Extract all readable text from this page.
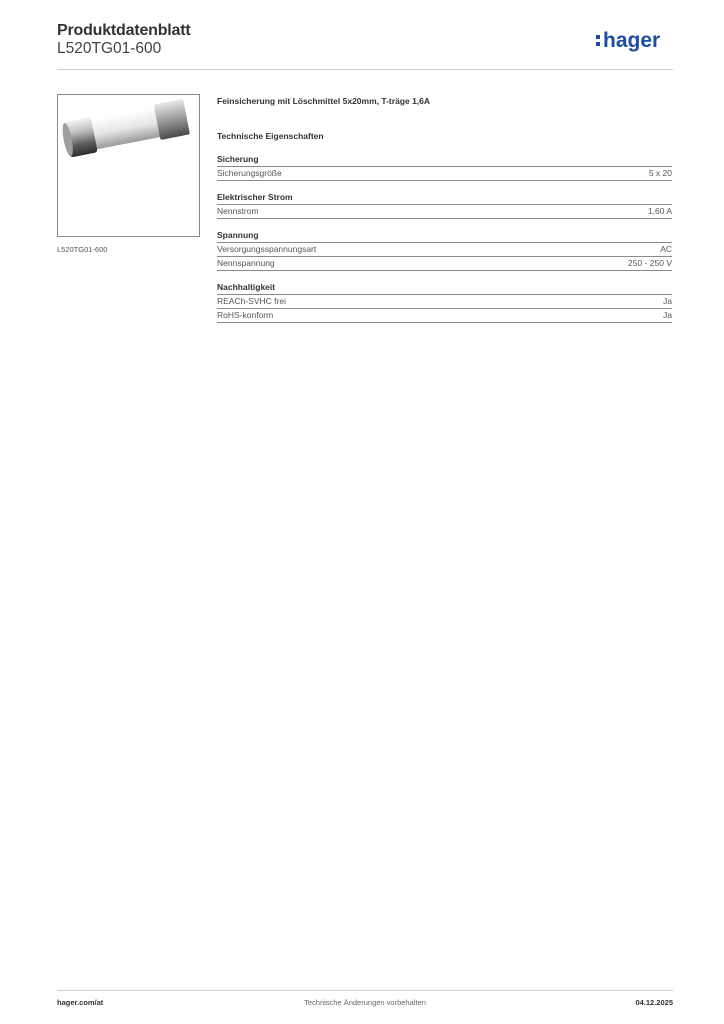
Produktdatenblatt
L520TG01-600	hager
L520TG01-600
Feinsicherung mit Löschmittel 5x20mm, T-träge 1,6A
Technische Eigenschaften
Sicherung
Sicherungsgröße	5 x 20
Elektrischer Strom
Nennstrom	1,60 A
Spannung
Versorgungsspannungsart	AC
Nennspannung	250 - 250 V
Nachhaltigkeit
REACh-SVHC frei	Ja
RoHS-konform	Ja
hager.com/at	Technische Änderungen vorbehalten	04.12.2025
